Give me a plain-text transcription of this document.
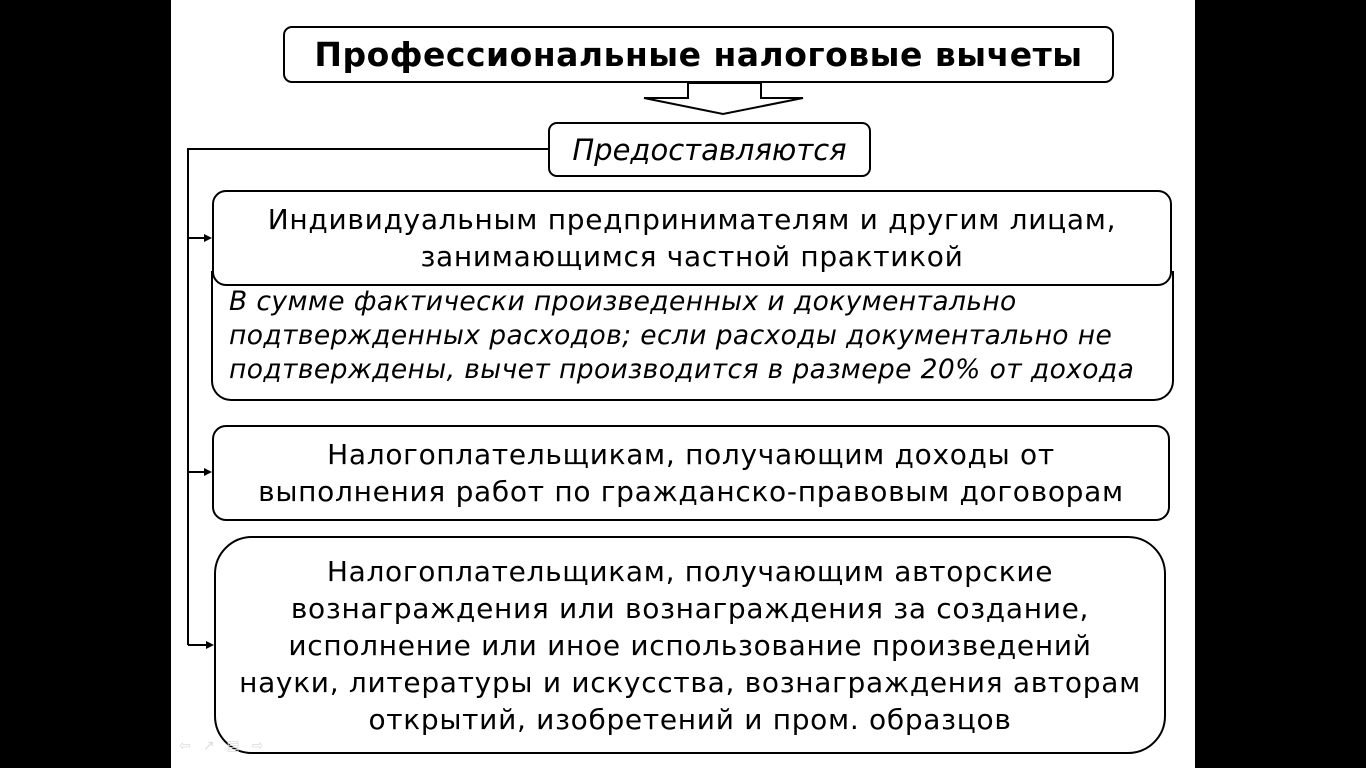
Профессиональные налоговые вычеты
Предоставляются
В сумме фактически произведенных и документально подтвержденных расходов; если расходы документально не подтверждены, вычет производится в размере 20% от дохода
Индивидуальным предпринимателям и другим лицам, занимающимся частной практикой
Налогоплательщикам, получающим доходы от выполнения работ по гражданско-правовым договорам
Налогоплательщикам, получающим авторские вознаграждения или вознаграждения за создание, исполнение или иное использование произведений науки, литературы и искусства, вознаграждения авторам открытий, изобретений и пром. образцов
⇦ ↗ ▤ ⇨
